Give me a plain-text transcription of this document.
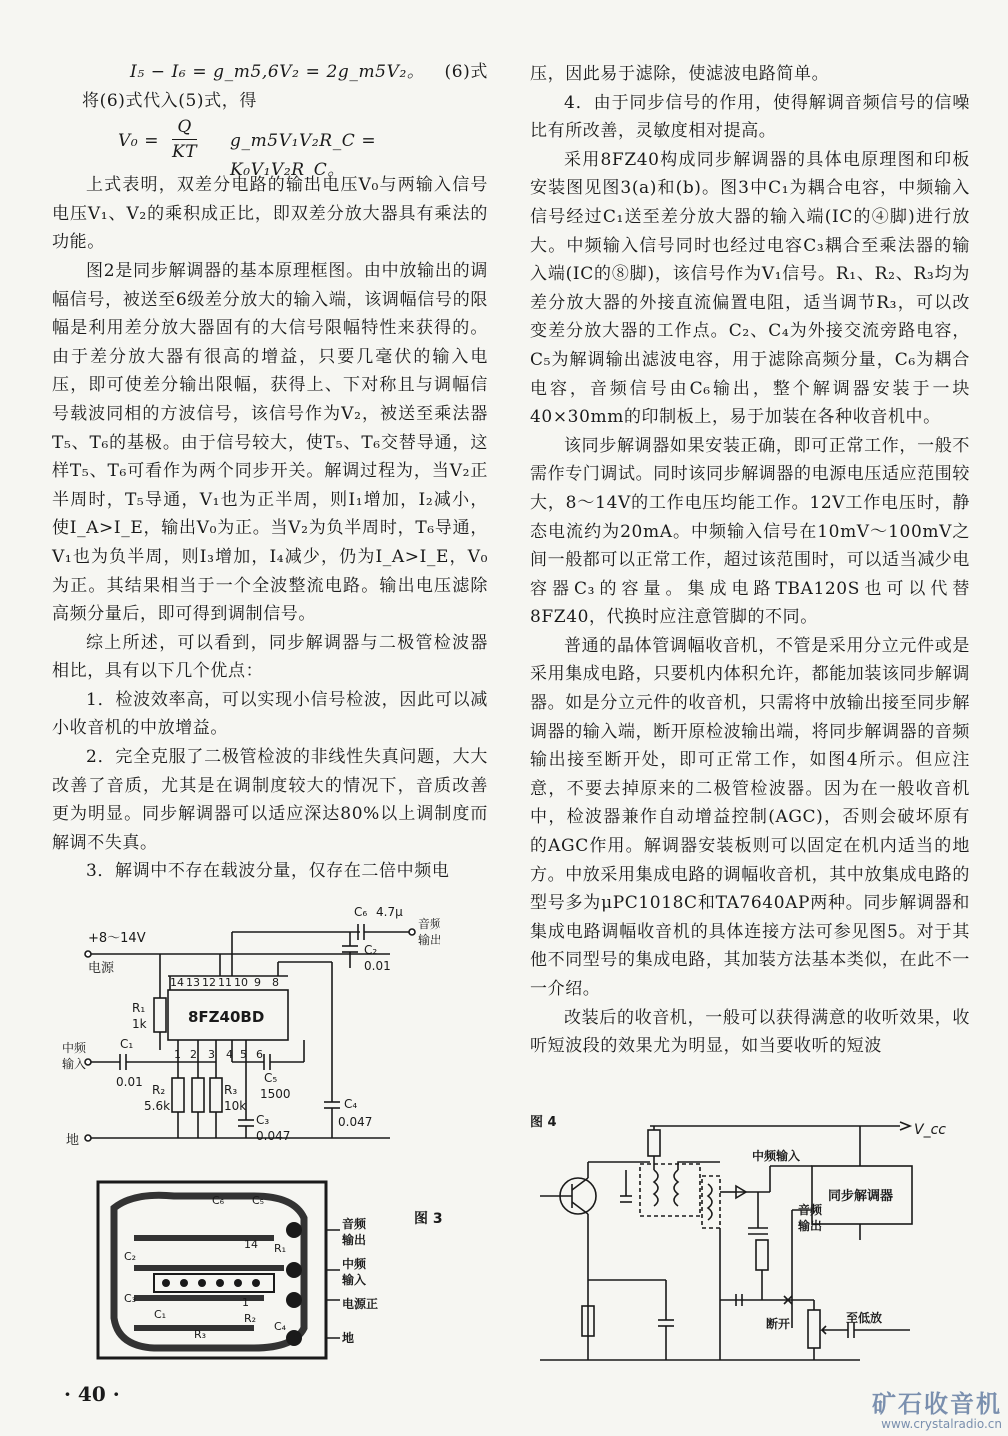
I₅ − I₆ = g_m5,6V₂ = 2g_m5V₂。 (6)式

将(6)式代入(5)式，得

$V_0 = \frac{Q}{KT}$ g_m5V₁V₂R_C = K₀V₁V₂R_C。

上式表明，双差分电路的输出电压V₀与两输入信号电压V₁、V₂的乘积成正比，即双差分放大器具有乘法的功能。

图2是同步解调器的基本原理框图。由中放输出的调幅信号，被送至6级差分放大的输入端，该调幅信号的限幅是利用差分放大器固有的大信号限幅特性来获得的。由于差分放大器有很高的增益，只要几毫伏的输入电压，即可使差分输出限幅，获得上、下对称且与调幅信号载波同相的方波信号，该信号作为V₂，被送至乘法器T₅、T₆的基极。由于信号较大，使T₅、T₆交替导通，这样T₅、T₆可看作为两个同步开关。解调过程为，当V₂正半周时，T₅导通，V₁也为正半周，则I₁增加，I₂减小，使I_A>I_E，输出V₀为正。当V₂为负半周时，T₆导通，V₁也为负半周，则I₃增加，I₄减少，仍为I_A>I_E，V₀为正。其结果相当于一个全波整流电路。输出电压滤除高频分量后，即可得到调制信号。

综上所述，可以看到，同步解调器与二极管检波器相比，具有以下几个优点：

1．检波效率高，可以实现小信号检波，因此可以减小收音机的中放增益。

2．完全克服了二极管检波的非线性失真问题，大大改善了音质，尤其是在调制度较大的情况下，音质改善更为明显。同步解调器可以适应深达80%以上调制度而解调不失真。

3．解调中不存在载波分量，仅存在二倍中频电

压，因此易于滤除，使滤波电路简单。

4．由于同步信号的作用，使得解调音频信号的信噪比有所改善，灵敏度相对提高。

采用8FZ40构成同步解调器的具体电原理图和印板安装图见图3(a)和(b)。图3中C₁为耦合电容，中频输入信号经过C₁送至差分放大器的输入端(IC的④脚)进行放大。中频输入信号同时也经过电容C₃耦合至乘法器的输入端(IC的⑧脚)，该信号作为V₁信号。R₁、R₂、R₃均为差分放大器的外接直流偏置电阻，适当调节R₃，可以改变差分放大器的工作点。C₂、C₄为外接交流旁路电容，C₅为解调输出滤波电容，用于滤除高频分量，C₆为耦合电容，音频信号由C₆输出，整个解调器安装于一块40×30mm的印制板上，易于加装在各种收音机中。

该同步解调器如果安装正确，即可正常工作，一般不需作专门调试。同时该同步解调器的电源电压适应范围较大，8～14V的工作电压均能工作。12V工作电压时，静态电流约为20mA。中频输入信号在10mV～100mV之间一般都可以正常工作，超过该范围时，可以适当减少电容器C₃的容量。集成电路TBA120S也可以代替8FZ40，代换时应注意管脚的不同。

普通的晶体管调幅收音机，不管是采用分立元件或是采用集成电路，只要机内体积允许，都能加装该同步解调器。如是分立元件的收音机，只需将中放输出接至同步解调器的输入端，断开原检波输出端，将同步解调器的音频输出接至断开处，即可正常工作，如图4所示。但应注意，不要去掉原来的二极管检波器。因为在一般收音机中，检波器兼作自动增益控制(AGC)，否则会破坏原有的AGC作用。解调器安装板则可以固定在机内适当的地方。中放采用集成电路的调幅收音机，其中放集成电路的型号多为μPC1018C和TA7640AP两种。同步解调器和集成电路调幅收音机的具体连接方法可参见图5。对于其他不同型号的集成电路，其加装方法基本类似，在此不一一介绍。

改装后的收音机，一般可以获得满意的收听效果，收听短波段的效果尤为明显，如当要收听的短波

+8～14V
电源
地
8FZ40BD
14 13 12 11 10 9 8
C₆ 4.7μ
音频
输出
C₂
0.01
R₁
1k
1 2 3 4 5 6
中频
输入
C₁
0.01
R₂
5.6k
R₃
10k
C₅
1500
C₃
0.047
C₄
0.047
C₆	C₅
R₁
14
1
C₁	R₂
C₂
R₃
C₃
C₄
音频
输出
中频
输入
电源正
地
图 3
图 4	V_cc
同步解调器
中频输入
音频
输出
断开	至低放
· 40 ·	矿石收音机
www.crystalradio.cn
